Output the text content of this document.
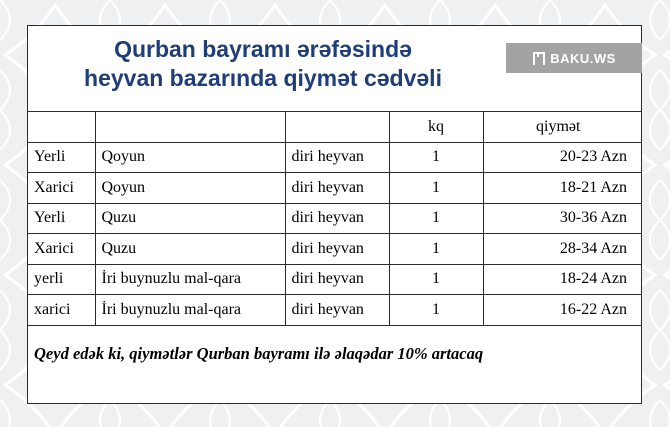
Qurban bayramı ərəfəsində
heyvan bazarında qiymət cədvəli
BAKU.WS
			kq	qiymət
Yerli	Qoyun	diri heyvan	1	20-23 Azn
Xarici	Qoyun	diri heyvan	1	18-21 Azn
Yerli	Quzu	diri heyvan	1	30-36 Azn
Xarici	Quzu	diri heyvan	1	28-34 Azn
yerli	İri buynuzlu mal-qara	diri heyvan	1	18-24 Azn
xarici	İri buynuzlu mal-qara	diri heyvan	1	16-22 Azn
Qeyd edək ki, qiymətlər Qurban bayramı ilə əlaqədar 10% artacaq
